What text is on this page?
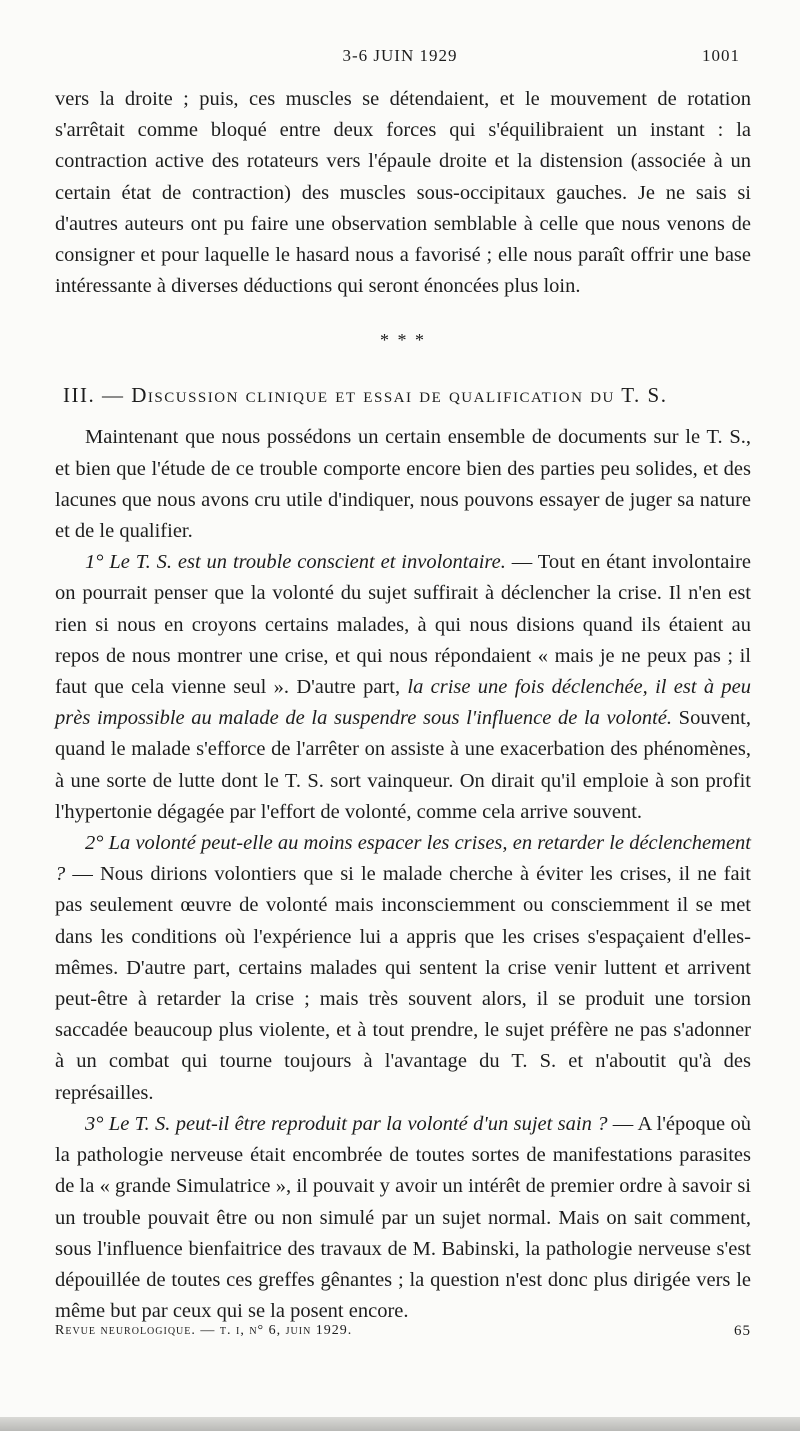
3-6 JUIN 1929	1001

vers la droite ; puis, ces muscles se détendaient, et le mouvement de rotation s'arrêtait comme bloqué entre deux forces qui s'équilibraient un instant : la contraction active des rotateurs vers l'épaule droite et la distension (associée à un certain état de contraction) des muscles sous-occipitaux gauches. Je ne sais si d'autres auteurs ont pu faire une observation semblable à celle que nous venons de consigner et pour laquelle le hasard nous a favorisé ; elle nous paraît offrir une base intéressante à diverses déductions qui seront énoncées plus loin.

* * *
III. — Discussion clinique et essai de qualification du T. S.

Maintenant que nous possédons un certain ensemble de documents sur le T. S., et bien que l'étude de ce trouble comporte encore bien des parties peu solides, et des lacunes que nous avons cru utile d'indiquer, nous pouvons essayer de juger sa nature et de le qualifier.

1° Le T. S. est un trouble conscient et involontaire. — Tout en étant involontaire on pourrait penser que la volonté du sujet suffirait à déclencher la crise. Il n'en est rien si nous en croyons certains malades, à qui nous disions quand ils étaient au repos de nous montrer une crise, et qui nous répondaient « mais je ne peux pas ; il faut que cela vienne seul ». D'autre part, la crise une fois déclenchée, il est à peu près impossible au malade de la suspendre sous l'influence de la volonté. Souvent, quand le malade s'efforce de l'arrêter on assiste à une exacerbation des phénomènes, à une sorte de lutte dont le T. S. sort vainqueur. On dirait qu'il emploie à son profit l'hypertonie dégagée par l'effort de volonté, comme cela arrive souvent.

2° La volonté peut-elle au moins espacer les crises, en retarder le déclenchement ? — Nous dirions volontiers que si le malade cherche à éviter les crises, il ne fait pas seulement œuvre de volonté mais inconsciemment ou consciemment il se met dans les conditions où l'expérience lui a appris que les crises s'espaçaient d'elles-mêmes. D'autre part, certains malades qui sentent la crise venir luttent et arrivent peut-être à retarder la crise ; mais très souvent alors, il se produit une torsion saccadée beaucoup plus violente, et à tout prendre, le sujet préfère ne pas s'adonner à un combat qui tourne toujours à l'avantage du T. S. et n'aboutit qu'à des représailles.

3° Le T. S. peut-il être reproduit par la volonté d'un sujet sain ? — A l'époque où la pathologie nerveuse était encombrée de toutes sortes de manifestations parasites de la « grande Simulatrice », il pouvait y avoir un intérêt de premier ordre à savoir si un trouble pouvait être ou non simulé par un sujet normal. Mais on sait comment, sous l'influence bienfaitrice des travaux de M. Babinski, la pathologie nerveuse s'est dépouillée de toutes ces greffes gênantes ; la question n'est donc plus dirigée vers le même but par ceux qui se la posent encore.

Revue neurologique. — t. i, n° 6, juin 1929.	65
